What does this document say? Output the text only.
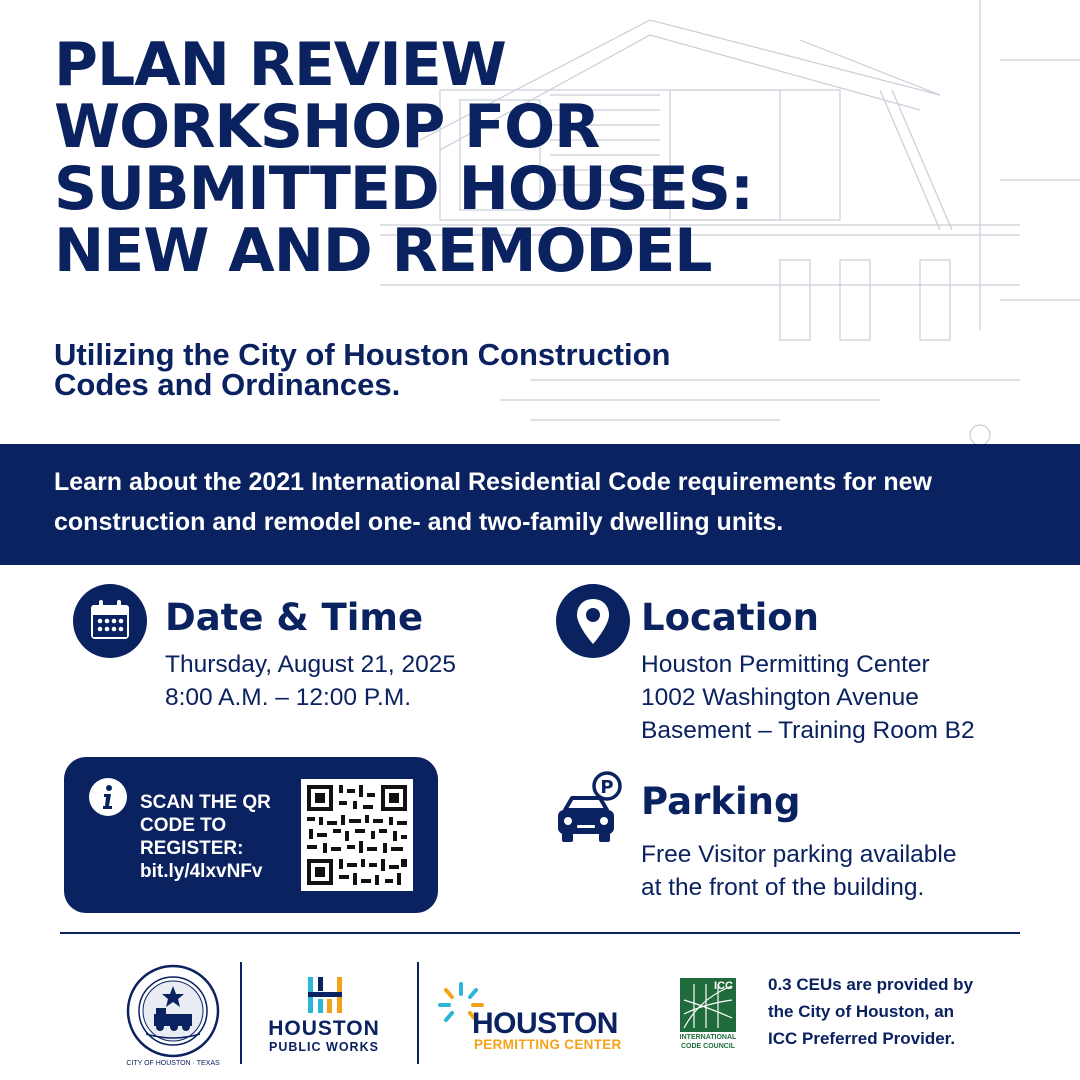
PLAN REVIEW
WORKSHOP FOR
SUBMITTED HOUSES:
NEW AND REMODEL
Utilizing the City of Houston Construction
Codes and Ordinances.

Learn about the 2021 International Residential Code requirements for new construction and remodel one- and two-family dwelling units.

Date & Time
Thursday, August 21, 2025
8:00 A.M. – 12:00 P.M.
Location
Houston Permitting Center
1002 Washington Avenue
Basement – Training Room B2
P Parking
Free Visitor parking available
at the front of the building.
SCAN THE QR
CODE TO
REGISTER:
bit.ly/4lxvNFv
CITY OF HOUSTON · TEXAS
HOUSTON
PUBLIC WORKS
HOUSTON
PERMITTING CENTER
ICC
INTERNATIONAL
CODE COUNCIL
0.3 CEUs are provided by
the City of Houston, an
ICC Preferred Provider.
